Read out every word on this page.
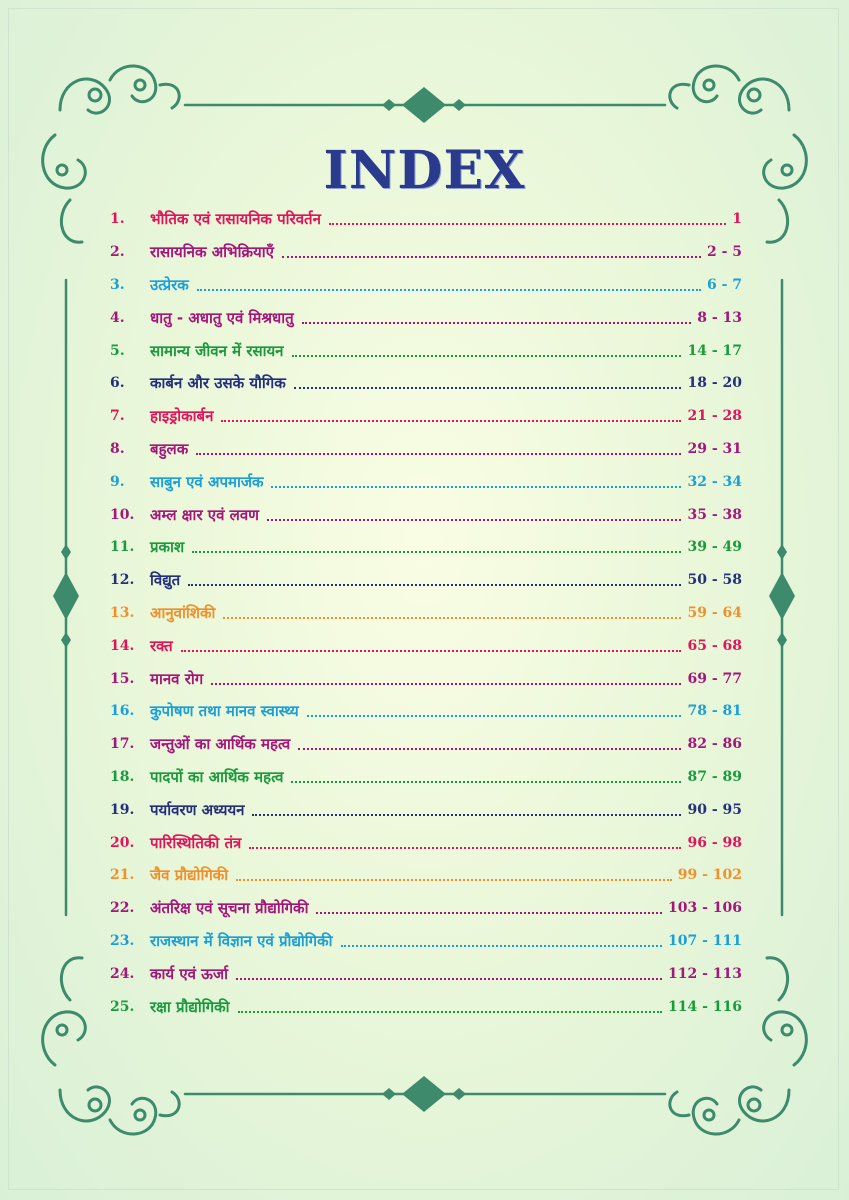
INDEX
1.	भौतिक एवं रासायनिक परिवर्तन	1
2.	रासायनिक अभिक्रियाएँ	2 - 5
3.	उत्प्रेरक	6 - 7
4.	धातु - अधातु एवं मिश्रधातु	8 - 13
5.	सामान्य जीवन में रसायन	14 - 17
6.	कार्बन और उसके यौगिक	18 - 20
7.	हाइड्रोकार्बन	21 - 28
8.	बहुलक	29 - 31
9.	साबुन एवं अपमार्जक	32 - 34
10.	अम्ल क्षार एवं लवण	35 - 38
11.	प्रकाश	39 - 49
12.	विद्युत	50 - 58
13.	आनुवांशिकी	59 - 64
14.	रक्त	65 - 68
15.	मानव रोग	69 - 77
16.	कुपोषण तथा मानव स्वास्थ्य	78 - 81
17.	जन्तुओं का आर्थिक महत्व	82 - 86
18.	पादपों का आर्थिक महत्व	87 - 89
19.	पर्यावरण अध्ययन	90 - 95
20.	पारिस्थितिकी तंत्र	96 - 98
21.	जैव प्रौद्योगिकी	99 - 102
22.	अंतरिक्ष एवं सूचना प्रौद्योगिकी	103 - 106
23.	राजस्थान में विज्ञान एवं प्रौद्योगिकी	107 - 111
24.	कार्य एवं ऊर्जा	112 - 113
25.	रक्षा प्रौद्योगिकी	114 - 116
